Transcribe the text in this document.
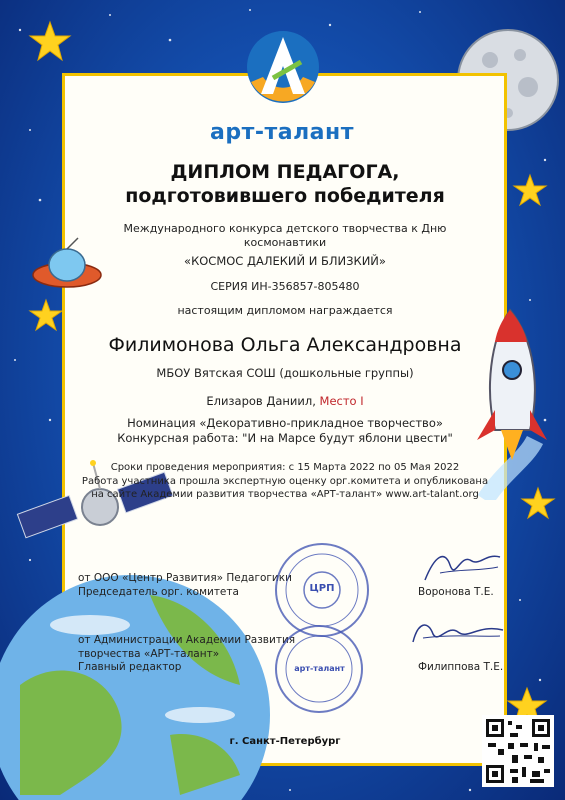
арт-талант
ДИПЛОМ ПЕДАГОГА,
подготовившего победителя
Международного конкурса детского творчества к Дню
космонавтики
«КОСМОС ДАЛЕКИЙ И БЛИЗКИЙ»
СЕРИЯ ИН-356857-805480
настоящим дипломом награждается
Филимонова Ольга Александровна
МБОУ Вятская СОШ (дошкольные группы)
Елизаров Даниил, Место I
Номинация «Декоративно-прикладное творчество»
Конкурсная работа: "И на Марсе будут яблони цвести"
Сроки проведения мероприятия: с 15 Марта 2022 по 05 Мая 2022
Работа участника прошла экспертную оценку орг.комитета и опубликована
на сайте Академии развития творчества «АРТ-талант» www.art-talant.org
от ООО «Центр Развития» Педагогики
Председатель орг. комитета	Воронова Т.Е.
от Администрации Академии Развития
творчества «АРТ-талант»
Главный редактор	Филиппова Т.Е.
ЦРП
арт-талант
г. Санкт-Петербург
